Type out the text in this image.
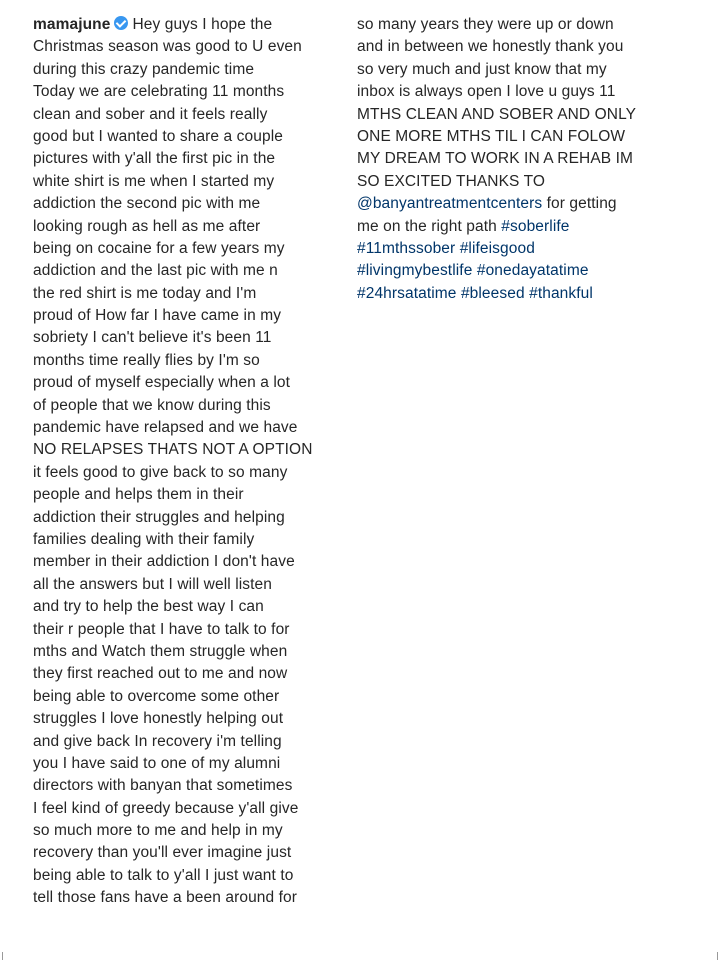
mamajune Hey guys I hope the
Christmas season was good to U even
during this crazy pandemic time
Today we are celebrating 11 months
clean and sober and it feels really
good but I wanted to share a couple
pictures with y'all the first pic in the
white shirt is me when I started my
addiction the second pic with me
looking rough as hell as me after
being on cocaine for a few years my
addiction and the last pic with me n
the red shirt is me today and I'm
proud of How far I have came in my
sobriety I can't believe it's been 11
months time really flies by I'm so
proud of myself especially when a lot
of people that we know during this
pandemic have relapsed and we have
NO RELAPSES THATS NOT A OPTION
it feels good to give back to so many
people and helps them in their
addiction their struggles and helping
families dealing with their family
member in their addiction I don't have
all the answers but I will well listen
and try to help the best way I can
their r people that I have to talk to for
mths and Watch them struggle when
they first reached out to me and now
being able to overcome some other
struggles I love honestly helping out
and give back In recovery i'm telling
you I have said to one of my alumni
directors with banyan that sometimes
I feel kind of greedy because y'all give
so much more to me and help in my
recovery than you'll ever imagine just
being able to talk to y'all I just want to
tell those fans have a been around for
so many years they were up or down
and in between we honestly thank you
so very much and just know that my
inbox is always open I love u guys 11
MTHS CLEAN AND SOBER AND ONLY
ONE MORE MTHS TIL I CAN FOLOW
MY DREAM TO WORK IN A REHAB IM
SO EXCITED THANKS TO
@banyantreatmentcenters for getting
me on the right path #soberlife
#11mthssober #lifeisgood
#livingmybestlife #onedayatatime
#24hrsatatime #bleesed #thankful
